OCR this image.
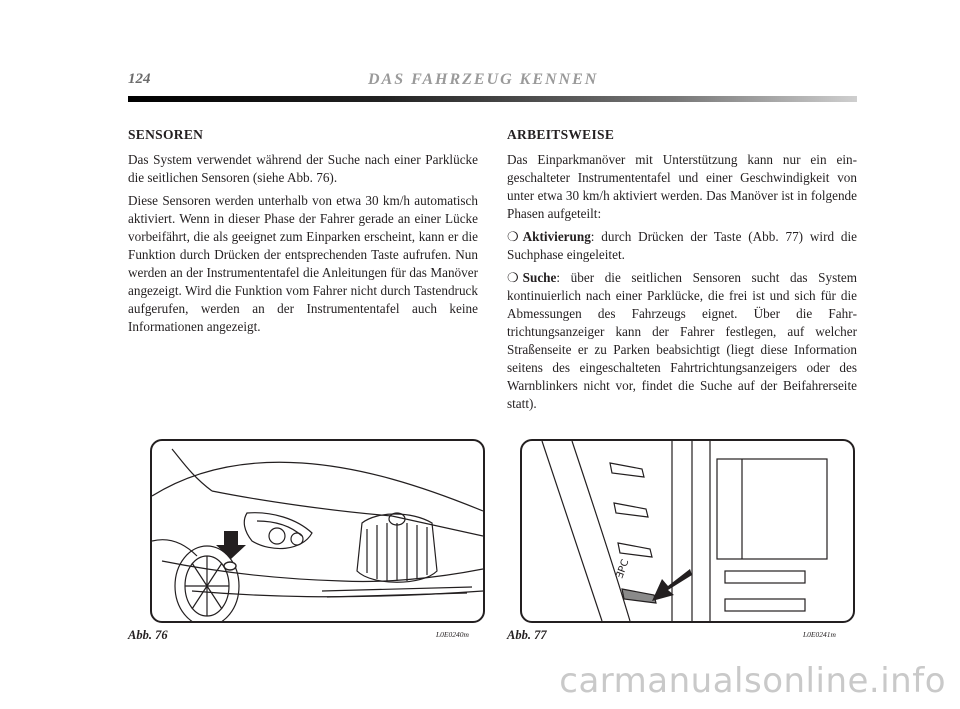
124	DAS FAHRZEUG KENNEN
SENSOREN

Das System verwendet während der Suche nach einer Parklücke die seitlichen Sensoren (siehe Abb. 76).

Diese Sensoren werden unterhalb von etwa 30 km/h automatisch aktiviert. Wenn in dieser Phase der Fahrer gerade an einer Lücke vorbeifährt, die als geeignet zum Einparken erscheint, kann er die Funktion durch Drücken der entsprechenden Taste aufrufen. Nun werden an der Instrumententafel die Anleitungen für das Manöver angezeigt. Wird die Funktion vom Fahrer nicht durch Tastendruck aufgerufen, werden an der Instrumententafel auch keine Informationen angezeigt.

ARBEITSWEISE

Das Einparkmanöver mit Unterstützung kann nur ein eingeschalteter Instrumententafel und einer Geschwindigkeit von unter etwa 30 km/h aktiviert werden. Das Manöver ist in folgende Phasen aufgeteilt:

❍ Aktivierung: durch Drücken der Taste (Abb. 77) wird die Suchphase eingeleitet.

❍ Suche: über die seitlichen Sensoren sucht das System kontinuierlich nach einer Parklücke, die frei ist und sich für die Abmessungen des Fahrzeugs eignet. Über die Fahrtrichtungsanzeiger kann der Fahrer festlegen, auf welcher Straßenseite er zu Parken beabsichtigt (liegt diese Information seitens des eingeschalteten Fahrtrichtungsanzeigers oder des Warnblinkers nicht vor, findet die Suche auf der Beifahrerseite statt).

Abb. 76	L0E0240m
ƎPC
Abb. 77	L0E0241m
carmanualsonline.info
